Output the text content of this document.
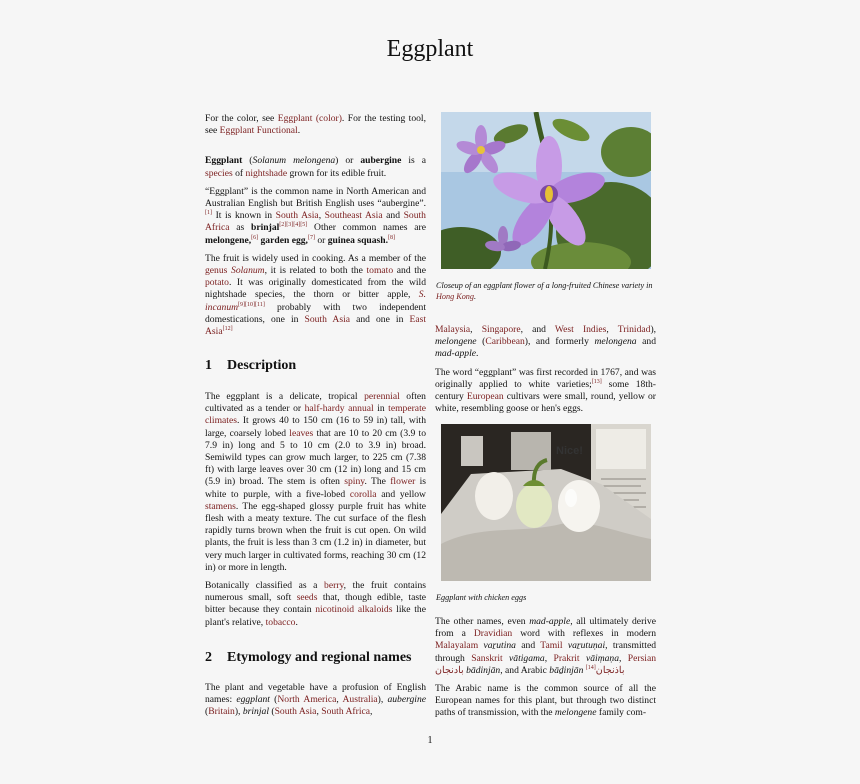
Eggplant

For the color, see Eggplant (color). For the testing tool, see Eggplant Functional.

Eggplant (Solanum melongena) or aubergine is a species of nightshade grown for its edible fruit.

“Eggplant” is the common name in North American and Australian English but British English uses “aubergine”.[1] It is known in South Asia, Southeast Asia and South Africa as brinjal[2][3][4][5] Other common names are melongene,[6] garden egg,[7] or guinea squash.[8]

The fruit is widely used in cooking. As a member of the genus Solanum, it is related to both the tomato and the potato. It was originally domesticated from the wild nightshade species, the thorn or bitter apple, S. incanum[9][10][11] probably with two independent domestications, one in South Asia and one in East Asia[12]

1 Description

The eggplant is a delicate, tropical perennial often cultivated as a tender or half-hardy annual in temperate climates. It grows 40 to 150 cm (16 to 59 in) tall, with large, coarsely lobed leaves that are 10 to 20 cm (3.9 to 7.9 in) long and 5 to 10 cm (2.0 to 3.9 in) broad. Semiwild types can grow much larger, to 225 cm (7.38 ft) with large leaves over 30 cm (12 in) long and 15 cm (5.9 in) broad. The stem is often spiny. The flower is white to purple, with a five-lobed corolla and yellow stamens. The egg-shaped glossy purple fruit has white flesh with a meaty texture. The cut surface of the flesh rapidly turns brown when the fruit is cut open. On wild plants, the fruit is less than 3 cm (1.2 in) in diameter, but very much larger in cultivated forms, reaching 30 cm (12 in) or more in length.

Botanically classified as a berry, the fruit contains numerous small, soft seeds that, though edible, taste bitter because they contain nicotinoid alkaloids like the plant's relative, tobacco.

2 Etymology and regional names

The plant and vegetable have a profusion of English names: eggplant (North America, Australia), aubergine (Britain), brinjal (South Asia, South Africa,

Closeup of an eggplant flower of a long-fruited Chinese variety in Hong Kong.

Malaysia, Singapore, and West Indies, Trinidad), melongene (Caribbean), and formerly melongena and mad-apple.

The word “eggplant” was first recorded in 1767, and was originally applied to white varieties;[13] some 18th-century European cultivars were small, round, yellow or white, resembling goose or hen's eggs.

Nice!
Eggplant with chicken eggs

The other names, even mad-apple, all ultimately derive from a Dravidian word with reflexes in modern Malayalam vaṟutina and Tamil vaṟutuṇai, transmitted through Sanskrit vātigama, Prakrit vāiṃaṇa, Persian بادنجان bādinjān, and Arabic bāḏinjān باذنجان[14]

The Arabic name is the common source of all the European names for this plant, but through two distinct paths of transmission, with the melongene family com-

1
